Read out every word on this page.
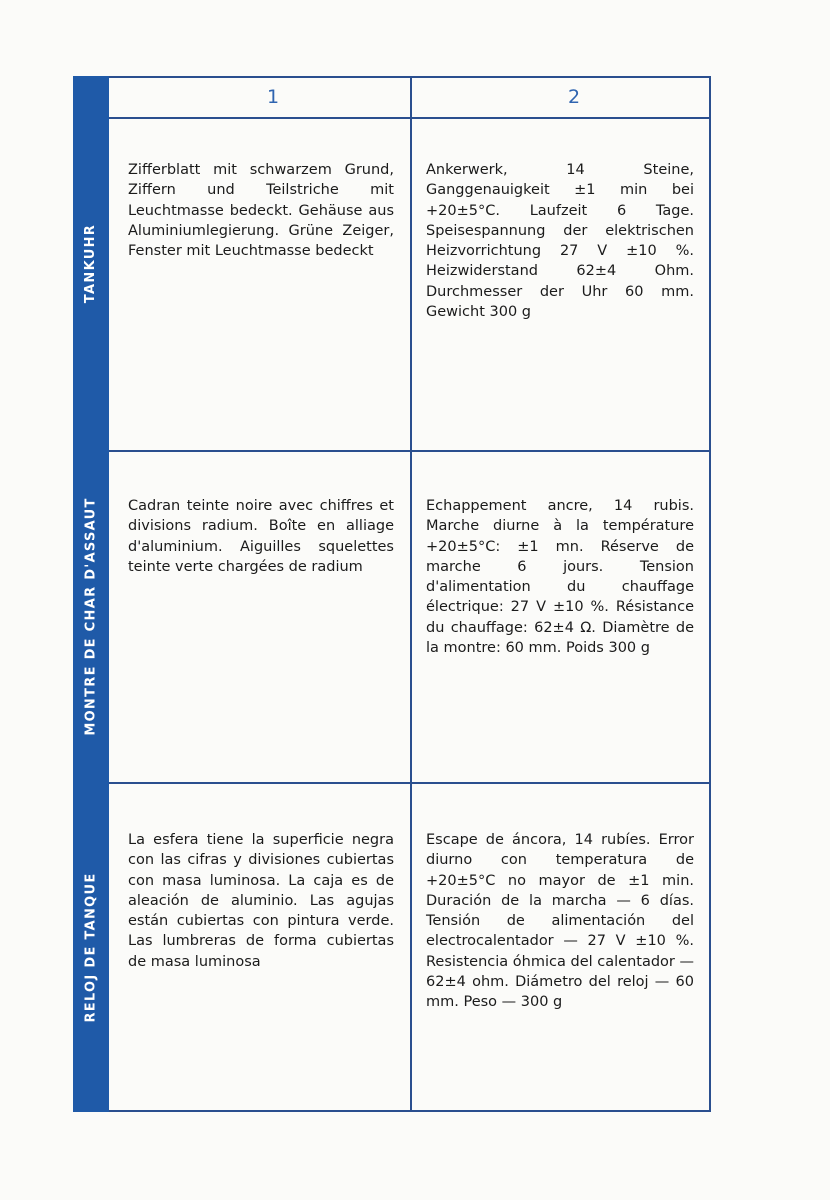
TANKUHR
MONTRE DE CHAR D'ASSAUT
RELOJ DE TANQUE
1	2
Zifferblatt mit schwarzem Grund, Ziffern und Teilstriche mit Leuchtmasse bedeckt. Gehäuse aus Aluminiumlegierung. Grüne Zeiger, Fenster mit Leuchtmasse bedeckt
Ankerwerk, 14 Steine, Ganggenauigkeit ±1 min bei +20±5°C. Laufzeit 6 Tage. Speisespannung der elektrischen Heizvorrichtung 27 V ±10 %. Heizwiderstand 62±4 Ohm. Durchmesser der Uhr 60 mm. Gewicht 300 g
Cadran teinte noire avec chiffres et divisions radium. Boîte en alliage d'aluminium. Aiguilles squelettes teinte verte chargées de radium
Echappement ancre, 14 rubis. Marche diurne à la température +20±5°C: ±1 mn. Réserve de marche 6 jours. Tension d'alimentation du chauffage électrique: 27 V ±10 %. Résistance du chauffage: 62±4 Ω. Diamètre de la montre: 60 mm. Poids 300 g
La esfera tiene la superficie negra con las cifras y divisiones cubiertas con masa luminosa. La caja es de aleación de aluminio. Las agujas están cubiertas con pintura verde. Las lumbreras de forma cubiertas de masa luminosa
Escape de áncora, 14 rubíes. Error diurno con temperatura de +20±5°C no mayor de ±1 min. Duración de la marcha — 6 días. Tensión de alimentación del electrocalentador — 27 V ±10 %. Resistencia óhmica del calentador — 62±4 ohm. Diámetro del reloj — 60 mm. Peso — 300 g
